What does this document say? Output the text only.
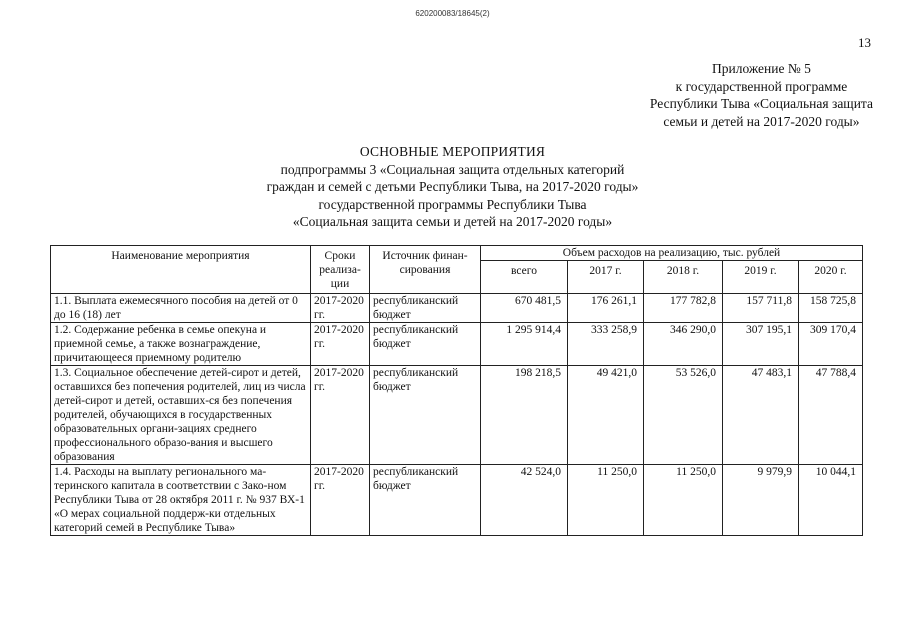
620200083/18645(2)
13
Приложение № 5
к государственной программе
Республики Тыва «Социальная защита
семьи и детей на 2017-2020 годы»
ОСНОВНЫЕ МЕРОПРИЯТИЯ
подпрограммы 3 «Социальная защита отдельных категорий
граждан и семей с детьми Республики Тыва, на 2017-2020 годы»
государственной программы Республики Тыва
«Социальная защита семьи и детей на 2017-2020 годы»
Наименование мероприятия	Сроки реализа-ции	Источник финан-сирования	Объем расходов на реализацию, тыс. рублей				
			всего	2017 г.	2018 г.	2019 г.	2020 г.
1.1. Выплата ежемесячного пособия на детей от 0 до 16 (18) лет	2017-2020 гг.	республиканский бюджет	670 481,5	176 261,1	177 782,8	157 711,8	158 725,8
1.2. Содержание ребенка в семье опекуна и приемной семье, а также вознаграждение, причитающееся приемному родителю	2017-2020 гг.	республиканский бюджет	1 295 914,4	333 258,9	346 290,0	307 195,1	309 170,4
1.3. Социальное обеспечение детей-сирот и детей, оставшихся без попечения родителей, лиц из числа детей-сирот и детей, оставших-ся без попечения родителей, обучающихся в государственных образовательных органи-зациях среднего профессионального образо-вания и высшего образования	2017-2020 гг.	республиканский бюджет	198 218,5	49 421,0	53 526,0	47 483,1	47 788,4
1.4. Расходы на выплату регионального ма-теринского капитала в соответствии с Зако-ном Республики Тыва от 28 октября 2011 г. № 937 ВХ-1 «О мерах социальной поддерж-ки отдельных категорий семей в Республике Тыва»	2017-2020 гг.	республиканский бюджет	42 524,0	11 250,0	11 250,0	9 979,9	10 044,1
